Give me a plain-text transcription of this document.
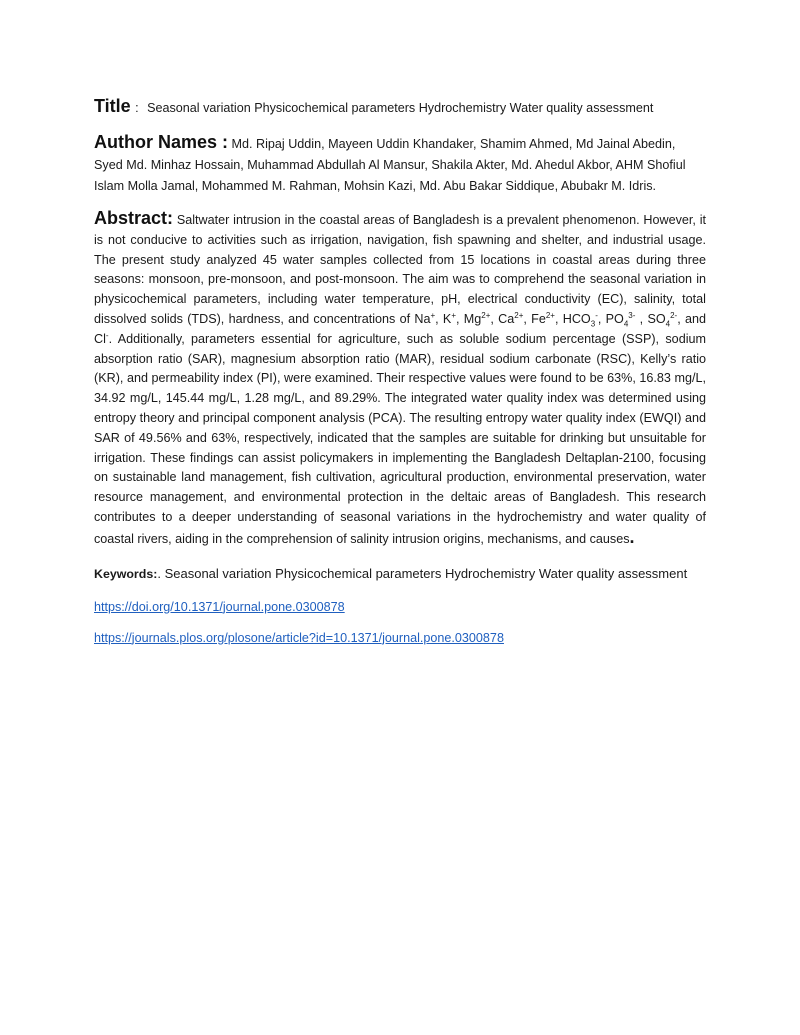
Title : Seasonal variation Physicochemical parameters Hydrochemistry Water quality assessment
Author Names : Md. Ripaj Uddin, Mayeen Uddin Khandaker, Shamim Ahmed, Md Jainal Abedin, Syed Md. Minhaz Hossain, Muhammad Abdullah Al Mansur, Shakila Akter, Md. Ahedul Akbor, AHM Shofiul Islam Molla Jamal, Mohammed M. Rahman, Mohsin Kazi, Md. Abu Bakar Siddique, Abubakr M. Idris.
Abstract: Saltwater intrusion in the coastal areas of Bangladesh is a prevalent phenomenon. However, it is not conducive to activities such as irrigation, navigation, fish spawning and shelter, and industrial usage. The present study analyzed 45 water samples collected from 15 locations in coastal areas during three seasons: monsoon, pre-monsoon, and post-monsoon. The aim was to comprehend the seasonal variation in physicochemical parameters, including water temperature, pH, electrical conductivity (EC), salinity, total dissolved solids (TDS), hardness, and concentrations of Na+, K+, $Mg^{2+}$, $Ca^{2+}$, $Fe^{2+}$, $HCO_3^-$, $PO_4^{3-}$ , $SO_4^{2-}$, and Cl-. Additionally, parameters essential for agriculture, such as soluble sodium percentage (SSP), sodium absorption ratio (SAR), magnesium absorption ratio (MAR), residual sodium carbonate (RSC), Kelly’s ratio (KR), and permeability index (PI), were examined. Their respective values were found to be 63%, 16.83 mg/L, 34.92 mg/L, 145.44 mg/L, 1.28 mg/L, and 89.29%. The integrated water quality index was determined using entropy theory and principal component analysis (PCA). The resulting entropy water quality index (EWQI) and SAR of 49.56% and 63%, respectively, indicated that the samples are suitable for drinking but unsuitable for irrigation. These findings can assist policymakers in implementing the Bangladesh Deltaplan-2100, focusing on sustainable land management, fish cultivation, agricultural production, environmental preservation, water resource management, and environmental protection in the deltaic areas of Bangladesh. This research contributes to a deeper understanding of seasonal variations in the hydrochemistry and water quality of coastal rivers, aiding in the comprehension of salinity intrusion origins, mechanisms, and causes.
Keywords:. Seasonal variation Physicochemical parameters Hydrochemistry Water quality assessment
https://doi.org/10.1371/journal.pone.0300878
https://journals.plos.org/plosone/article?id=10.1371/journal.pone.0300878
